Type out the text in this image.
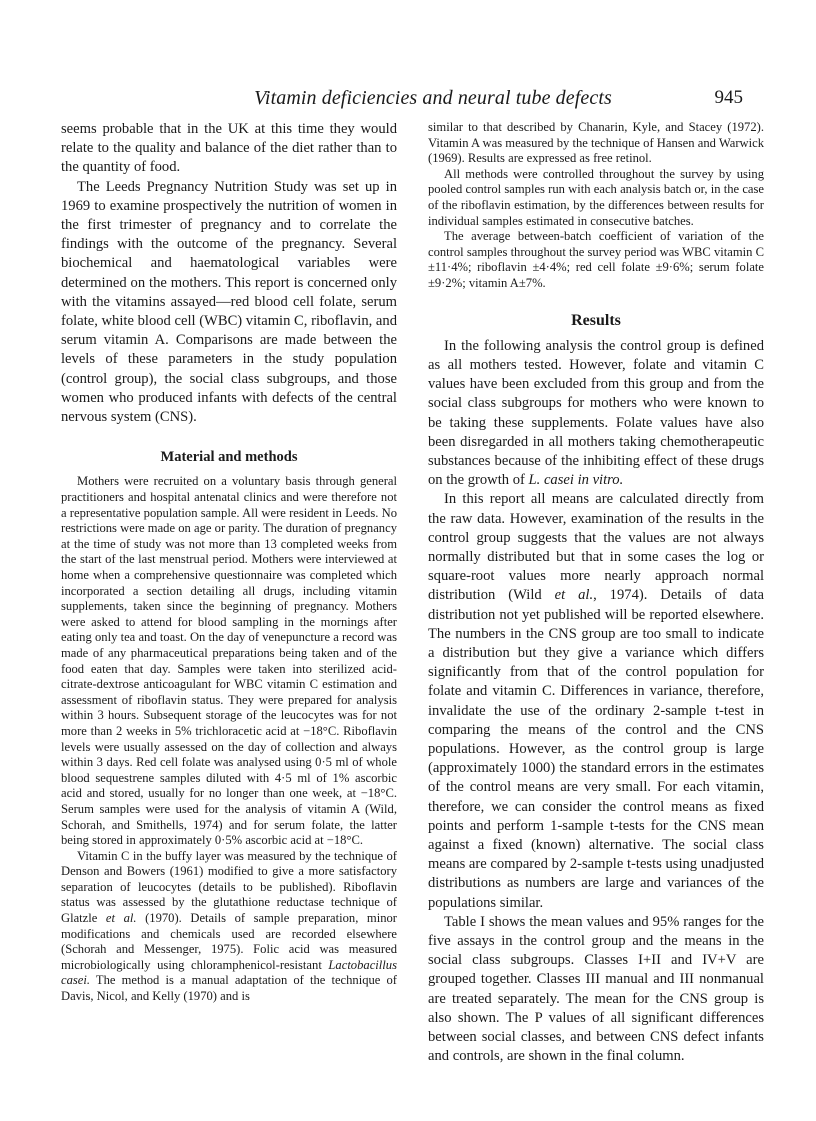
Vitamin deficiencies and neural tube defects	945

seems probable that in the UK at this time they would relate to the quality and balance of the diet rather than to the quantity of food.

The Leeds Pregnancy Nutrition Study was set up in 1969 to examine prospectively the nutrition of women in the first trimester of pregnancy and to correlate the findings with the outcome of the pregnancy. Several biochemical and haematological variables were determined on the mothers. This report is concerned only with the vitamins assayed—red blood cell folate, serum folate, white blood cell (WBC) vitamin C, riboflavin, and serum vitamin A. Comparisons are made between the levels of these parameters in the study population (control group), the social class subgroups, and those women who produced infants with defects of the central nervous system (CNS).

Material and methods

Mothers were recruited on a voluntary basis through general practitioners and hospital antenatal clinics and were therefore not a representative population sample. All were resident in Leeds. No restrictions were made on age or parity. The duration of pregnancy at the time of study was not more than 13 completed weeks from the start of the last menstrual period. Mothers were interviewed at home when a comprehensive questionnaire was completed which incorporated a section detailing all drugs, including vitamin supplements, taken since the beginning of pregnancy. Mothers were asked to attend for blood sampling in the mornings after eating only tea and toast. On the day of venepuncture a record was made of any pharmaceutical preparations being taken and of the food eaten that day. Samples were taken into sterilized acid-citrate-dextrose anticoagulant for WBC vitamin C estimation and assessment of riboflavin status. They were prepared for analysis within 3 hours. Subsequent storage of the leucocytes was for not more than 2 weeks in 5% trichloracetic acid at −18°C. Riboflavin levels were usually assessed on the day of collection and always within 3 days. Red cell folate was analysed using 0·5 ml of whole blood sequestrene samples diluted with 4·5 ml of 1% ascorbic acid and stored, usually for no longer than one week, at −18°C. Serum samples were used for the analysis of vitamin A (Wild, Schorah, and Smithells, 1974) and for serum folate, the latter being stored in approximately 0·5% ascorbic acid at −18°C.

Vitamin C in the buffy layer was measured by the technique of Denson and Bowers (1961) modified to give a more satisfactory separation of leucocytes (details to be published). Riboflavin status was assessed by the glutathione reductase technique of Glatzle et al. (1970). Details of sample preparation, minor modifications and chemicals used are recorded elsewhere (Schorah and Messenger, 1975). Folic acid was measured microbiologically using chloramphenicol-resistant Lactobacillus casei. The method is a manual adaptation of the technique of Davis, Nicol, and Kelly (1970) and is

similar to that described by Chanarin, Kyle, and Stacey (1972). Vitamin A was measured by the technique of Hansen and Warwick (1969). Results are expressed as free retinol.

All methods were controlled throughout the survey by using pooled control samples run with each analysis batch or, in the case of the riboflavin estimation, by the differences between results for individual samples estimated in consecutive batches.

The average between-batch coefficient of variation of the control samples throughout the survey period was WBC vitamin C ±11·4%; riboflavin ±4·4%; red cell folate ±9·6%; serum folate ±9·2%; vitamin A±7%.

Results

In the following analysis the control group is defined as all mothers tested. However, folate and vitamin C values have been excluded from this group and from the social class subgroups for mothers who were known to be taking these supplements. Folate values have also been disregarded in all mothers taking chemotherapeutic substances because of the inhibiting effect of these drugs on the growth of L. casei in vitro.

In this report all means are calculated directly from the raw data. However, examination of the results in the control group suggests that the values are not always normally distributed but that in some cases the log or square-root values more nearly approach normal distribution (Wild et al., 1974). Details of data distribution not yet published will be reported elsewhere. The numbers in the CNS group are too small to indicate a distribution but they give a variance which differs significantly from that of the control population for folate and vitamin C. Differences in variance, therefore, invalidate the use of the ordinary 2-sample t-test in comparing the means of the control and the CNS populations. However, as the control group is large (approximately 1000) the standard errors in the estimates of the control means are very small. For each vitamin, therefore, we can consider the control means as fixed points and perform 1-sample t-tests for the CNS mean against a fixed (known) alternative. The social class means are compared by 2-sample t-tests using unadjusted distributions as numbers are large and variances of the populations similar.

Table I shows the mean values and 95% ranges for the five assays in the control group and the means in the social class subgroups. Classes I+II and IV+V are grouped together. Classes III manual and III nonmanual are treated separately. The mean for the CNS group is also shown. The P values of all significant differences between social classes, and between CNS defect infants and controls, are shown in the final column.
